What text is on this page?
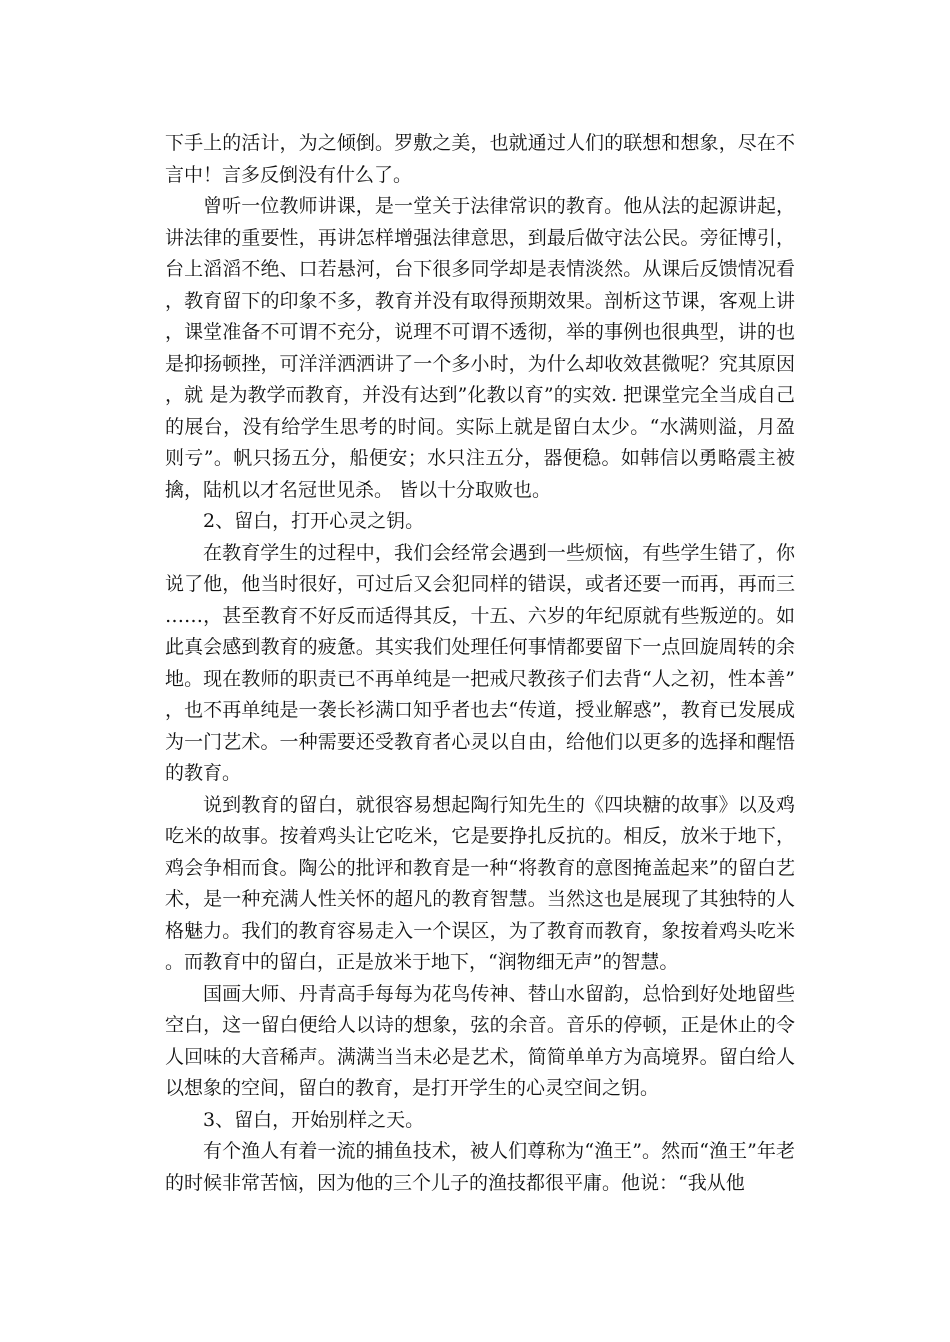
下手上的活计，为之倾倒。罗敷之美，也就通过人们的联想和想象，尽在不言中！言多反倒没有什么了。

曾听一位教师讲课，是一堂关于法律常识的教育。他从法的起源讲起，讲法律的重要性，再讲怎样增强法律意思，到最后做守法公民。旁征博引，台上滔滔不绝、口若悬河，台下很多同学却是表情淡然。从课后反馈情况看，教育留下的印象不多，教育并没有取得预期效果。剖析这节课，客观上讲，课堂准备不可谓不充分，说理不可谓不透彻，举的事例也很典型，讲的也是抑扬顿挫，可洋洋洒洒讲了一个多小时，为什么却收效甚微呢？究其原因，就 是为教学而教育，并没有达到”化教以育”的实效. 把课堂完全当成自己的展台，没有给学生思考的时间。实际上就是留白太少。“水满则溢，月盈则亏”。帆只扬五分，船便安；水只注五分，器便稳。如韩信以勇略震主被擒，陆机以才名冠世见杀。 皆以十分取败也。

2、留白，打开心灵之钥。

在教育学生的过程中，我们会经常会遇到一些烦恼，有些学生错了，你说了他，他当时很好，可过后又会犯同样的错误，或者还要一而再，再而三……，甚至教育不好反而适得其反，十五、六岁的年纪原就有些叛逆的。如此真会感到教育的疲惫。其实我们处理任何事情都要留下一点回旋周转的余地。现在教师的职责已不再单纯是一把戒尺教孩子们去背“人之初，性本善”，也不再单纯是一袭长衫满口知乎者也去“传道，授业解惑”，教育已发展成为一门艺术。一种需要还受教育者心灵以自由，给他们以更多的选择和醒悟的教育。

说到教育的留白，就很容易想起陶行知先生的《四块糖的故事》以及鸡吃米的故事。按着鸡头让它吃米，它是要挣扎反抗的。相反，放米于地下，鸡会争相而食。陶公的批评和教育是一种“将教育的意图掩盖起来”的留白艺术，是一种充满人性关怀的超凡的教育智慧。当然这也是展现了其独特的人格魅力。我们的教育容易走入一个误区，为了教育而教育，象按着鸡头吃米。而教育中的留白，正是放米于地下，“润物细无声”的智慧。

国画大师、丹青高手每每为花鸟传神、替山水留韵，总恰到好处地留些空白，这一留白便给人以诗的想象，弦的余音。音乐的停顿，正是休止的令人回味的大音稀声。满满当当未必是艺术，简简单单方为高境界。留白给人以想象的空间，留白的教育，是打开学生的心灵空间之钥。

3、留白，开始别样之天。

有个渔人有着一流的捕鱼技术，被人们尊称为“渔王”。然而“渔王”年老的时候非常苦恼，因为他的三个儿子的渔技都很平庸。他说：“我从他
